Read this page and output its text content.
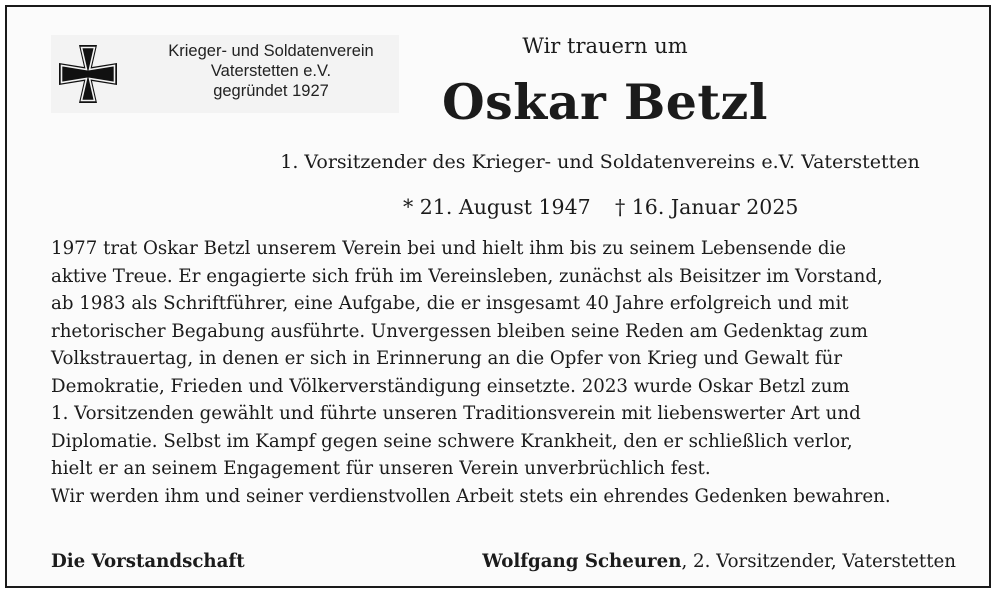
Krieger- und Soldatenverein
Vaterstetten e.V.
gegründet 1927
Wir trauern um
Oskar Betzl
1. Vorsitzender des Krieger- und Soldatenvereins e.V. Vaterstetten
* 21. August 1947 † 16. Januar 2025
1977 trat Oskar Betzl unserem Verein bei und hielt ihm bis zu seinem Lebensende die
aktive Treue. Er engagierte sich früh im Vereinsleben, zunächst als Beisitzer im Vorstand,
ab 1983 als Schriftführer, eine Aufgabe, die er insgesamt 40 Jahre erfolgreich und mit
rhetorischer Begabung ausführte. Unvergessen bleiben seine Reden am Gedenktag zum
Volkstrauertag, in denen er sich in Erinnerung an die Opfer von Krieg und Gewalt für
Demokratie, Frieden und Völkerverständigung einsetzte. 2023 wurde Oskar Betzl zum
1. Vorsitzenden gewählt und führte unseren Traditionsverein mit liebenswerter Art und
Diplomatie. Selbst im Kampf gegen seine schwere Krankheit, den er schließlich verlor,
hielt er an seinem Engagement für unseren Verein unverbrüchlich fest.
Wir werden ihm und seiner verdienstvollen Arbeit stets ein ehrendes Gedenken bewahren.
Die Vorstandschaft	Wolfgang Scheuren, 2. Vorsitzender, Vaterstetten
